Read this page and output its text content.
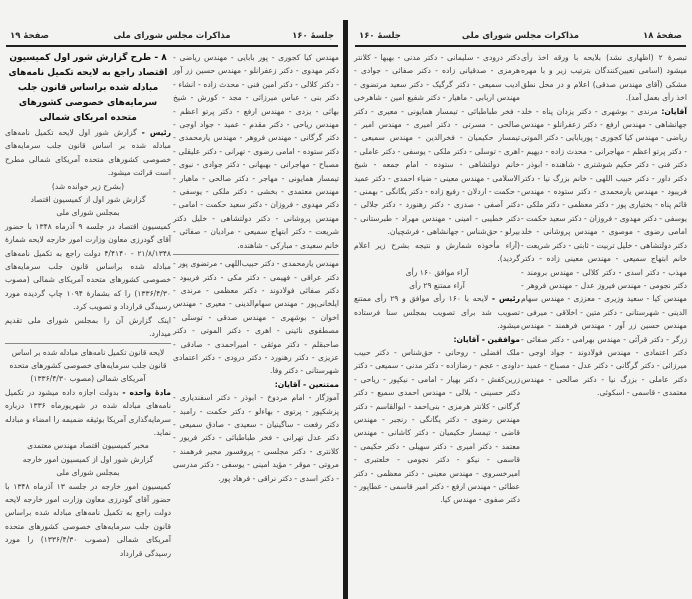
صفحهٔ ۱۹	مذاکرات مجلس شورای ملی	جلسهٔ ۱۶۰

مهندس کیا کجوری - پور بابایی - مهندس ریاضی - دکتر مهدوی - دکتر زعفرانلو - مهندس حسین زر آور - دکتر کلالی - دکتر امین فنی - محدث زاده - انشاء - دکتر بنی - عباس میرزائی - مجد - کورش - شیخ بهائی - یزدی - مهندس ارفع - دکتر پرتو اعظم - مهندس ریاحی - دکتر مقدم - عمید - جواد اوجی - دکتر گرگانی - مهندس فروهر - مهندس یارمحمدی - دکتر ستوده - امامی رضوی - تهرانی - دکتر علیقلی - مصباح - مهاجرانی - بهبهانی - دکتر جوادی - نبوی - تیمسار همایونی - مهاجر - دکتر صالحی - ماهیار - مهندس معتمدی - بخشی - دکتر ملکی - یوسفی - دکتر مهدوی - فروزان - دکتر سعید حکمت - امامی - مهندس پروشانی - دکتر دولتشاهی - خلیل دکتر شریعت - دکتر ابتهاج سمیعی - مرادیان - صفائی - خانم سعیدی - مبارکی - شاهنده.

مهندس یارمحمدی - دکتر حبیب‌اللهی - مرتضوی پور - دکتر عراقی - فهیمی - دکتر مکی - دکتر فریبود - دکتر صفائی فولادوند - دکتر معظمی - مرندی - ایلخانی‌پور - مهندس سهام‌الدینی - معیری - مهندس اخوان - بوشهری - مهندس صدقی - توسلی - مصطفوی نائینی - اهری - دکتر الموتی - دکتر صاحبقلم - دکتر موثقی - امیر‌احمدی - صادقی - عزیزی - دکتر رهنورد - دکتر درودی - دکتر اعتمادی شهرستانی - دکتر وفا.

ممتنعین - آقایان:

آموزگار - امام مردوخ - ابوذر - دکتر اسفندیاری - پزشکپور - پرتوی - بهاء‌لو - دکتر حکمت - رامبد - دکتر رفعت - ساگینیان - سعیدی - صادق سمیعی - دکتر عدل تهرانی - فخر طباطبائی - دکتر فریور - کلانتری - دکتر مجلسی - پروفسور مجیر فرهمند - مروتی - موقر - مؤید امینی - یوسفی - دکتر مدرسی - دکتر اسدی - دکتر نراقی - فرهاد پور.

۸ - طرح گزارش شور اول کمیسیون اقتصاد راجع به لایحه تکمیل نامه‌های مبادله شده براساس قانون جلب سرمایه‌های خصوصی کشورهای متحده امریکای شمالی

رئیس - گزارش شور اول لایحه تکمیل نامه‌های مبادله شده بر اساس قانون جلب سرمایه‌های خصوصی کشورهای متحده آمریکای شمالی مطرح است قرائت میشود.

(بشرح زیر خوانده شد)

گزارش شور اول از کمیسیون اقتصاد

بمجلس شورای ملی

کمیسیون اقتصاد در جلسه ۹ آذرماه ۱۳۴۸ با حضور آقای گودرزی معاون وزارت امور خارجه لایحه شمارهٔ ۲۱/۸/۱۳۴۸ - ۴/۴۱۴۰ دولت راجع به تکمیل نامه‌های مبادله شده براساس قانون جلب سرمایه‌های خصوصی کشورهای متحده آمریکای شمالی (مصوب ۱۳۳۶/۴/۳۰) را که بشمارهٔ ۱۰۹۴ چاپ گردیده مورد رسیدگی قرارداد و تصویب کرد.

اینک گزارش آن را بمجلس شورای ملی تقدیم میدارد.

لایحه قانون تکمیل نامه‌های مبادله شده بر اساس قانون جلب سرمایه‌های خصوصی کشورهای متحده آمریکای شمالی (مصوب ۱۳۳۶/۴/۳۰)

مادهٔ واحده - بدولت اجازه داده میشود در تکمیل نامه‌های مبادله شده در شهریورماه ۱۳۳۶ درباره سرمایه‌گذاری آمریکا بوثیقه ضمیمه را امضاء و مبادله نماید.

مخبر کمیسیون اقتصاد مهندس معتمدی

گزارش شور اول از کمیسیون امور خارجه

بمجلس شورای ملی

کمیسیون امور خارجه در جلسه ۱۳ آذرماه ۱۳۴۸ با حضور آقای گودرزی معاون وزارت امور خارجه لایحه دولت راجع به تکمیل نامه‌های مبادله شده براساس قانون جلب سرمایه‌های خصوصی کشورهای متحده آمریکای شمالی (مصوب ۱۳۳۶/۴/۳۰) را مورد رسیدگی قرارداد

جلسهٔ ۱۶۰	مذاکرات مجلس شورای ملی	صفحهٔ ۱۸

تبصرهٔ ۲ (اظهاری نشد) بلایحه با ورقه اخذ رأی میشود (اسامی تعیین‌کنندگان بترتیب زیر و با مهره مشکی (آقای مهندس صدقی) اعلام و در محل نطق اخذ رأی بعمل آمد).

آقایان: مرندی - بوشهری - دکتر یزدان پناه - خلد جهانشاهی - مهندس ارفع - دکتر زعفرانلو - مهندس ریاضی - مهندس کیا کجوری - پوربابایی - دکتر الموتی - دکتر پرتو اعظم - مهاجرانی - محدث زاده - دیهیم - دکتر فنی - دکتر حکیم شوشتری - شاهنده - ابوذر - دکتر داور - دکتر حبیب اللهی - خانم بزرگ نیا - دکتر فریبود - مهندس یارمحمدی - دکتر ستوده - مهندس قائم پناه - بختیاری پور - دکتر معظمی - دکتر ملکی - یوسفی - دکتر مهدوی - فروزان - دکتر سعید حکمت - امامی رضوی - موصوی - مهندس پروشانی - خلد دکتر دولتشاهی - خلیل تربیت - ثابتی - دکتر شریعت - خانم ابتهاج سمیعی - مهندس معینی زاده - دکتر مهذب - دکتر اسدی - دکتر کلالی - مهندس برومند - دکتر نجومی - مهندس فیروز عدل - مهندس فروهر - مهندس کیا - سعید وزیری - معززی - مهندس سهام الدینی - شهرستانی - دکتر متین - اخلاقی - میرفی - مهندس حسین زر آور - مهندس فرهمند - مهندس زرگر - دکتر قرآئی - مهندس بهرامی - دکتر صفائی - دکتر اعتمادی - مهندس فولادوند - جواد اوجی - میرزائی - دکتر گرگانی - دکتر عدل - مصباح - عمید - دکتر عاملی - بزرگ نیا - دکتر صالحی - مهندس معتمدی - قاسمی - اسکوئی.

دکتر درودی - سلیمانی - دکتر مدنی - بهبها - کلانتر هرمزی - صدقیانی زاده - دکتر صفائی - جوادی - ادیب سمیعی - دکتر گرگیک - دکتر سعید مرتضوی - مهندس اربابی - ماهیار - دکتر شفیع امین - شاهرخی - فخر طباطبائی - تیمسار همایونی - معیری - دکتر صالحی - مسرتی - دکتر امیری - مهندس امیر - تیمسار حکیمیان - فخرالدین - مهندس سمیعی - اهری - توسلی - دکتر ملکی - یوسفی - دکتر عاملی - خانم دولتشاهی - ستوده - امام جمعه - شیخ الاسلامی - مهندس معینی - ضیاء احمدی - دکتر عمید - حکمت - اردلان - رفیع زاده - دکتر یگانگی - بهمنی - دکتر آصفی - صدری - دکتر رهنورد - دکتر جلالی - دکتر خطیبی - امینی - مهندس مهراد - طبرستانی - بیرلو - حق‌شناس - جهانشاهی - فرشچیان.

(آراء مأخوذه شمارش و نتیجه بشرح زیر اعلام گردید).

آراء موافق ۱۶۰ رأی

آراء ممتنع ۲۹ رأی

رئیس - لایحه با ۱۶۰ رأی موافق و ۲۹ رأی ممتنع تصویب شد برای تصویب بمجلس سنا فرستاده میشود.

موافقین - آقایان:

ملک افضلی - روحانی - حق‌شناس - دکتر حبیب داودی - عجم - رضازاده - دکتر مدنی - سمیعی - دکتر زرین‌کفش - دکتر بهیار - امامی - نیکپور - ریاحی - دکتر حسینی - بلالی - مهندس احمدی سمیع - دکتر گرگانی - کلانتر هرمزی - بنی‌احمد - ابوالقاسم - دکتر مهندس رضوی - دکتر یگانگی - رنجبر - مهندس قاضی - تیمسار حکیمیان - دکتر کاشانی - مهندس معتمد - دکتر امیری - دکتر سهیلی - دکتر حکیمی - قاسمی - نیکو - دکتر نجومی - خلعتبری - امیرخسروی - مهندس معینی - دکتر معظمی - دکتر عطائی - مهندس ارفع - دکتر امیر قاسمی - عطا‌پور - دکتر صفوی - مهندس کیا.
